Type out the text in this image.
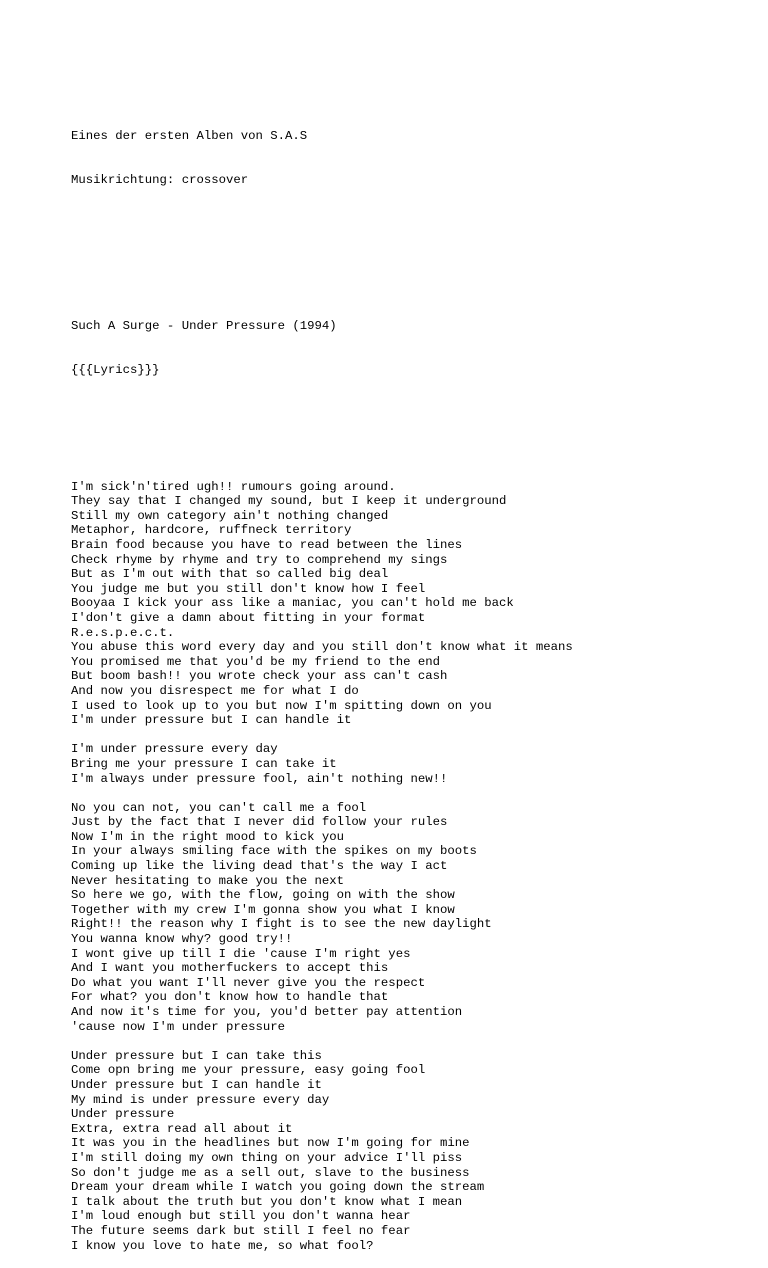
Eines der ersten Alben von S.A.S

Musikrichtung: crossover

Such A Surge - Under Pressure (1994)

{{{Lyrics}}}

I'm sick'n'tired ugh!! rumours going around.
They say that I changed my sound, but I keep it underground
Still my own category ain't nothing changed
Metaphor, hardcore, ruffneck territory
Brain food because you have to read between the lines
Check rhyme by rhyme and try to comprehend my sings
But as I'm out with that so called big deal
You judge me but you still don't know how I feel
Booyaa I kick your ass like a maniac, you can't hold me back
I'don't give a damn about fitting in your format
R.e.s.p.e.c.t.
You abuse this word every day and you still don't know what it means
You promised me that you'd be my friend to the end
But boom bash!! you wrote check your ass can't cash
And now you disrespect me for what I do
I used to look up to you but now I'm spitting down on you
I'm under pressure but I can handle it
I'm under pressure every day
Bring me your pressure I can take it
I'm always under pressure fool, ain't nothing new!!
No you can not, you can't call me a fool
Just by the fact that I never did follow your rules
Now I'm in the right mood to kick you
In your always smiling face with the spikes on my boots
Coming up like the living dead that's the way I act
Never hesitating to make you the next
So here we go, with the flow, going on with the show
Together with my crew I'm gonna show you what I know
Right!! the reason why I fight is to see the new daylight
You wanna know why? good try!!
I wont give up till I die 'cause I'm right yes
And I want you motherfuckers to accept this
Do what you want I'll never give you the respect
For what? you don't know how to handle that
And now it's time for you, you'd better pay attention
'cause now I'm under pressure
Under pressure but I can take this
Come opn bring me your pressure, easy going fool
Under pressure but I can handle it
My mind is under pressure every day
Under pressure
Extra, extra read all about it
It was you in the headlines but now I'm going for mine
I'm still doing my own thing on your advice I'll piss
So don't judge me as a sell out, slave to the business
Dream your dream while I watch you going down the stream
I talk about the truth but you don't know what I mean
I'm loud enough but still you don't wanna hear
The future seems dark but still I feel no fear
I know you love to hate me, so what fool?
